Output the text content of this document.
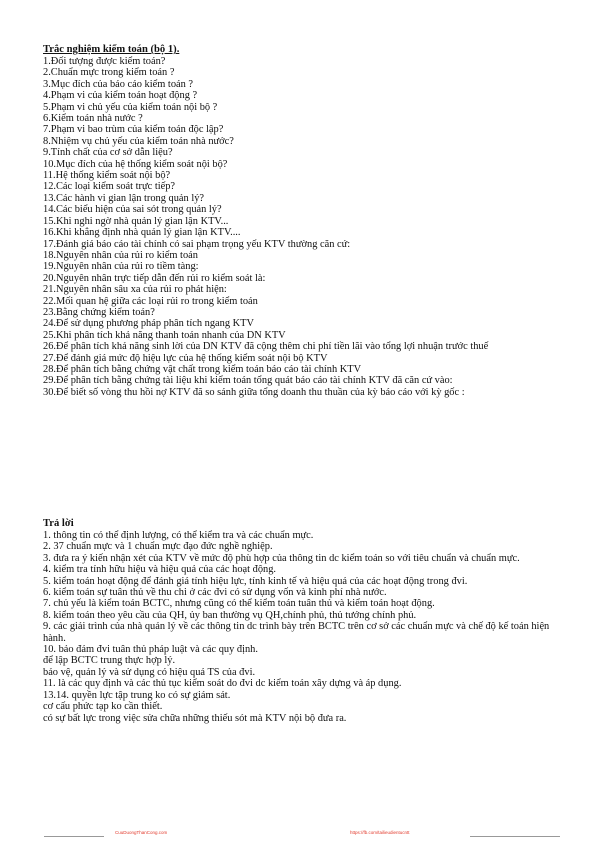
Trắc nghiệm kiểm toán (bộ 1).

1.Đối tượng được kiểm toán?
2.Chuẩn mực trong kiểm toán ?
3.Mục đích của báo cáo kiểm toán ?
4.Phạm vi của kiểm toán hoạt động ?
5.Phạm vi chủ yếu của kiểm toán nội bộ ?
6.Kiểm toán nhà nước ?
7.Phạm vi bao trùm của kiểm toán độc lập?
8.Nhiệm vụ chủ yếu của kiểm toán nhà nước?
9.Tính chất của cơ sở dẫn liệu?
10.Mục đích của hệ thống kiểm soát nội bộ?
11.Hệ thống kiểm soát nội bộ?
12.Các loại kiểm soát trực tiếp?
13.Các hành vi gian lận trong quản lý?
14.Các biểu hiện của sai sót trong quản lý?
15.Khi nghi ngờ nhà quản lý gian lận KTV...
16.Khi khẳng định nhà quản lý gian lận KTV....
17.Đánh giá báo cáo tài chính có sai phạm trọng yếu KTV thường căn cứ:
18.Nguyên nhân của rủi ro kiểm toán
19.Nguyên nhân của rủi ro tiềm tàng:
20.Nguyên nhân trực tiếp dẫn đến rủi ro kiểm soát là:
21.Nguyên nhân sâu xa của rủi ro phát hiện:
22.Mối quan hệ giữa các loại rủi ro trong kiểm toán
23.Bằng chứng kiểm toán?
24.Để sử dụng phương pháp phân tích ngang KTV
25.Khi phân tích khả năng thanh toán nhanh của DN KTV
26.Để phân tích khả năng sinh lời của DN KTV đã cộng thêm chi phí tiền lãi vào tổng lợi nhuận trước thuế
27.Để đánh giá mức độ hiệu lực của hệ thống kiểm soát nội bộ KTV
28.Để phân tích bằng chứng vật chất trong kiểm toán báo cáo tài chính KTV
29.Để phân tích bằng chứng tài liệu khi kiểm toán tổng quát báo cáo tài chính KTV đã căn cứ vào:
30.Để biết số vòng thu hồi nợ KTV đã so sánh giữa tổng doanh thu thuần của kỳ báo cáo với kỳ gốc :

Trả lời

1. thông tin có thể định lượng, có thể kiểm tra và các chuẩn mực.
2. 37 chuẩn mực và 1 chuẩn mực đạo đức nghề nghiệp.
3. đưa ra ý kiến nhận xét của KTV về mức độ phù hợp của thông tin dc kiểm toán so với tiêu chuẩn và chuẩn mực.
4. kiểm tra tính hữu hiệu và hiệu quả của các hoạt động.
5. kiểm toán hoạt động để đánh giá tính hiệu lực, tính kinh tế và hiệu quả của các hoạt động trong đvi.
6. kiểm toán sự tuân thủ về thu chi ở các đvi có sử dụng vốn và kinh phí nhà nước.
7. chủ yếu là kiểm toán BCTC, nhưng cũng có thể kiểm toán tuân thủ và kiểm toán hoạt động.
8. kiểm toán theo yêu cầu của QH, ủy ban thường vụ QH,chính phủ, thủ tướng chính phủ.
9. các giải trình của nhà quản lý về các thông tin dc trình bày trên BCTC trên cơ sở các chuẩn mực và chế độ kế toán hiện hành.
10. bảo đảm đvi tuân thủ pháp luật và các quy định.
để lập BCTC trung thực hợp lý.
bảo vệ, quản lý và sử dụng có hiệu quả TS của đvi.
11. là các quy định và các thủ tục kiểm soát do đvi dc kiểm toán xây dựng và áp dụng.
13.14. quyền lực tập trung ko có sự giám sát.
cơ cấu phức tạp ko cần thiết.
có sự bất lực trong việc sửa chữa những thiếu sót mà KTV nội bộ đưa ra.
CuuDuongThanCong.com	https://fb.com/tailieudientucntt
